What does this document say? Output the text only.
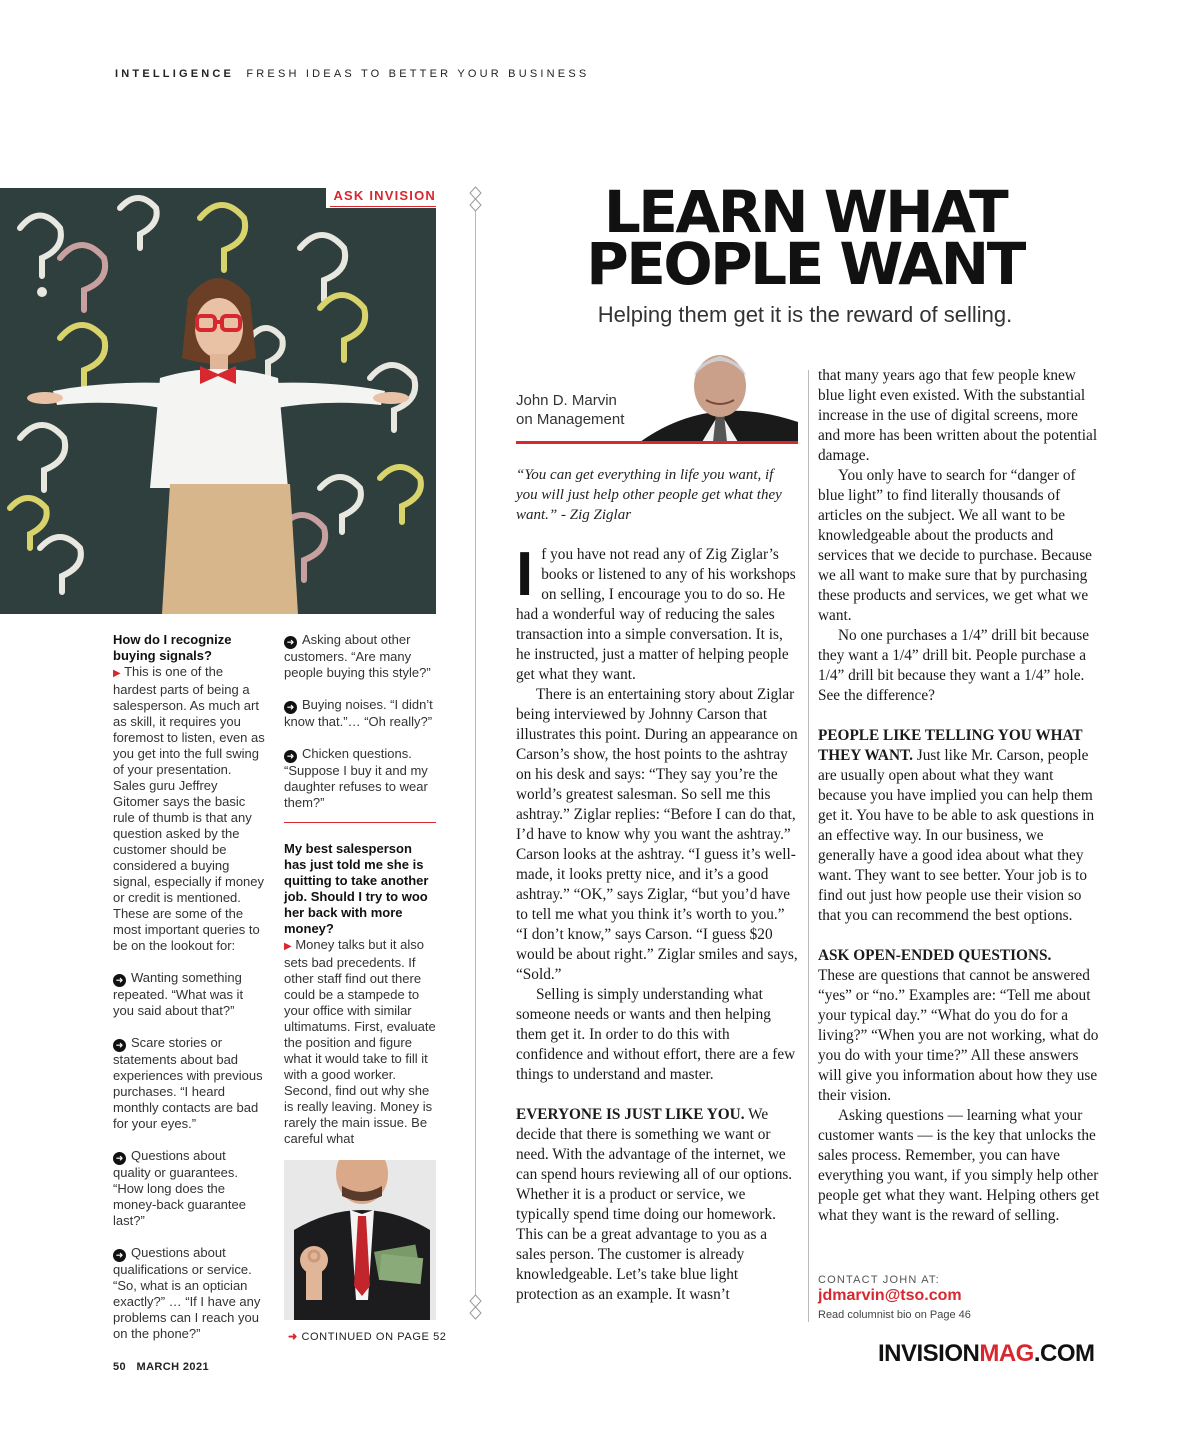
INTELLIGENCE FRESH IDEAS TO BETTER YOUR BUSINESS
ASK INVISION

How do I recognize buying signals?
▶ This is one of the hardest parts of being a salesperson. As much art as skill, it requires you foremost to listen, even as you get into the full swing of your presentation. Sales guru Jeffrey Gitomer says the basic rule of thumb is that any question asked by the customer should be considered a buying signal, especially if money or credit is mentioned. These are some of the most important queries to be on the lookout for:

➜ Wanting something repeated. “What was it you said about that?”

➜ Scare stories or statements about bad experiences with previous purchases. “I heard monthly contacts are bad for your eyes.”

➜ Questions about quality or guarantees. “How long does the money-back guarantee last?”

➜ Questions about qualifications or service. “So, what is an optician exactly?” … “If I have any problems can I reach you on the phone?”

➜ Asking about other customers. “Are many people buying this style?”

➜ Buying noises. “I didn’t know that.”… “Oh really?”

➜ Chicken questions. “Suppose I buy it and my daughter refuses to wear them?”

My best salesperson has just told me she is quitting to take another job. Should I try to woo her back with more money?
▶ Money talks but it also sets bad precedents. If other staff find out there could be a stampede to your office with similar ultimatums. First, evaluate the position and figure what it would take to fill it with a good worker. Second, find out why she is really leaving. Money is rarely the main issue. Be careful what

➜ CONTINUED ON PAGE 52
LEARN WHAT
PEOPLE WANT
Helping them get it is the reward of selling.
John D. Marvin
on Management
“You can get everything in life you want, if you will just help other people get what they want.” - Zig Ziglar

If you have not read any of Zig Ziglar’s books or listened to any of his workshops on selling, I encourage you to do so. He had a wonderful way of reducing the sales transaction into a simple conversation. It is, he instructed, just a matter of helping people get what they want.

There is an entertaining story about Ziglar being interviewed by Johnny Carson that illustrates this point. During an appearance on Carson’s show, the host points to the ashtray on his desk and says: “They say you’re the world’s greatest salesman. So sell me this ashtray.” Ziglar replies: “Before I can do that, I’d have to know why you want the ashtray.” Carson looks at the ashtray. “I guess it’s well-made, it looks pretty nice, and it’s a good ashtray.” “OK,” says Ziglar, “but you’d have to tell me what you think it’s worth to you.” “I don’t know,” says Carson. “I guess $20 would be about right.” Ziglar smiles and says, “Sold.”

Selling is simply understanding what someone needs or wants and then helping them get it. In order to do this with confidence and without effort, there are a few things to understand and master.

EVERYONE IS JUST LIKE YOU. We decide that there is something we want or need. With the advantage of the internet, we can spend hours reviewing all of our options. Whether it is a product or service, we typically spend time doing our homework. This can be a great advantage to you as a sales person. The customer is already knowledgeable. Let’s take blue light protection as an example. It wasn’t

that many years ago that few people knew blue light even existed. With the substantial increase in the use of digital screens, more and more has been written about the potential damage.

You only have to search for “danger of blue light” to find literally thousands of articles on the subject. We all want to be knowledgeable about the products and services that we decide to purchase. Because we all want to make sure that by purchasing these products and services, we get what we want.

No one purchases a 1/4” drill bit because they want a 1/4” drill bit. People purchase a 1/4” drill bit because they want a 1/4” hole. See the difference?

PEOPLE LIKE TELLING YOU WHAT THEY WANT. Just like Mr. Carson, people are usually open about what they want because you have implied you can help them get it. You have to be able to ask questions in an effective way. In our business, we generally have a good idea about what they want. They want to see better. Your job is to find out just how people use their vision so that you can recommend the best options.

ASK OPEN-ENDED QUESTIONS.
These are questions that cannot be answered “yes” or “no.” Examples are: “Tell me about your typical day.” “What do you do for a living?” “When you are not working, what do you do with your time?” All these answers will give you information about how they use their vision.

Asking questions — learning what your customer wants — is the key that unlocks the sales process. Remember, you can have everything you want, if you simply help other people get what they want. Helping others get what they want is the reward of selling.

CONTACT JOHN AT:
jdmarvin@tso.com
Read columnist bio on Page 46
50 MARCH 2021	INVISIONMAG.COM
